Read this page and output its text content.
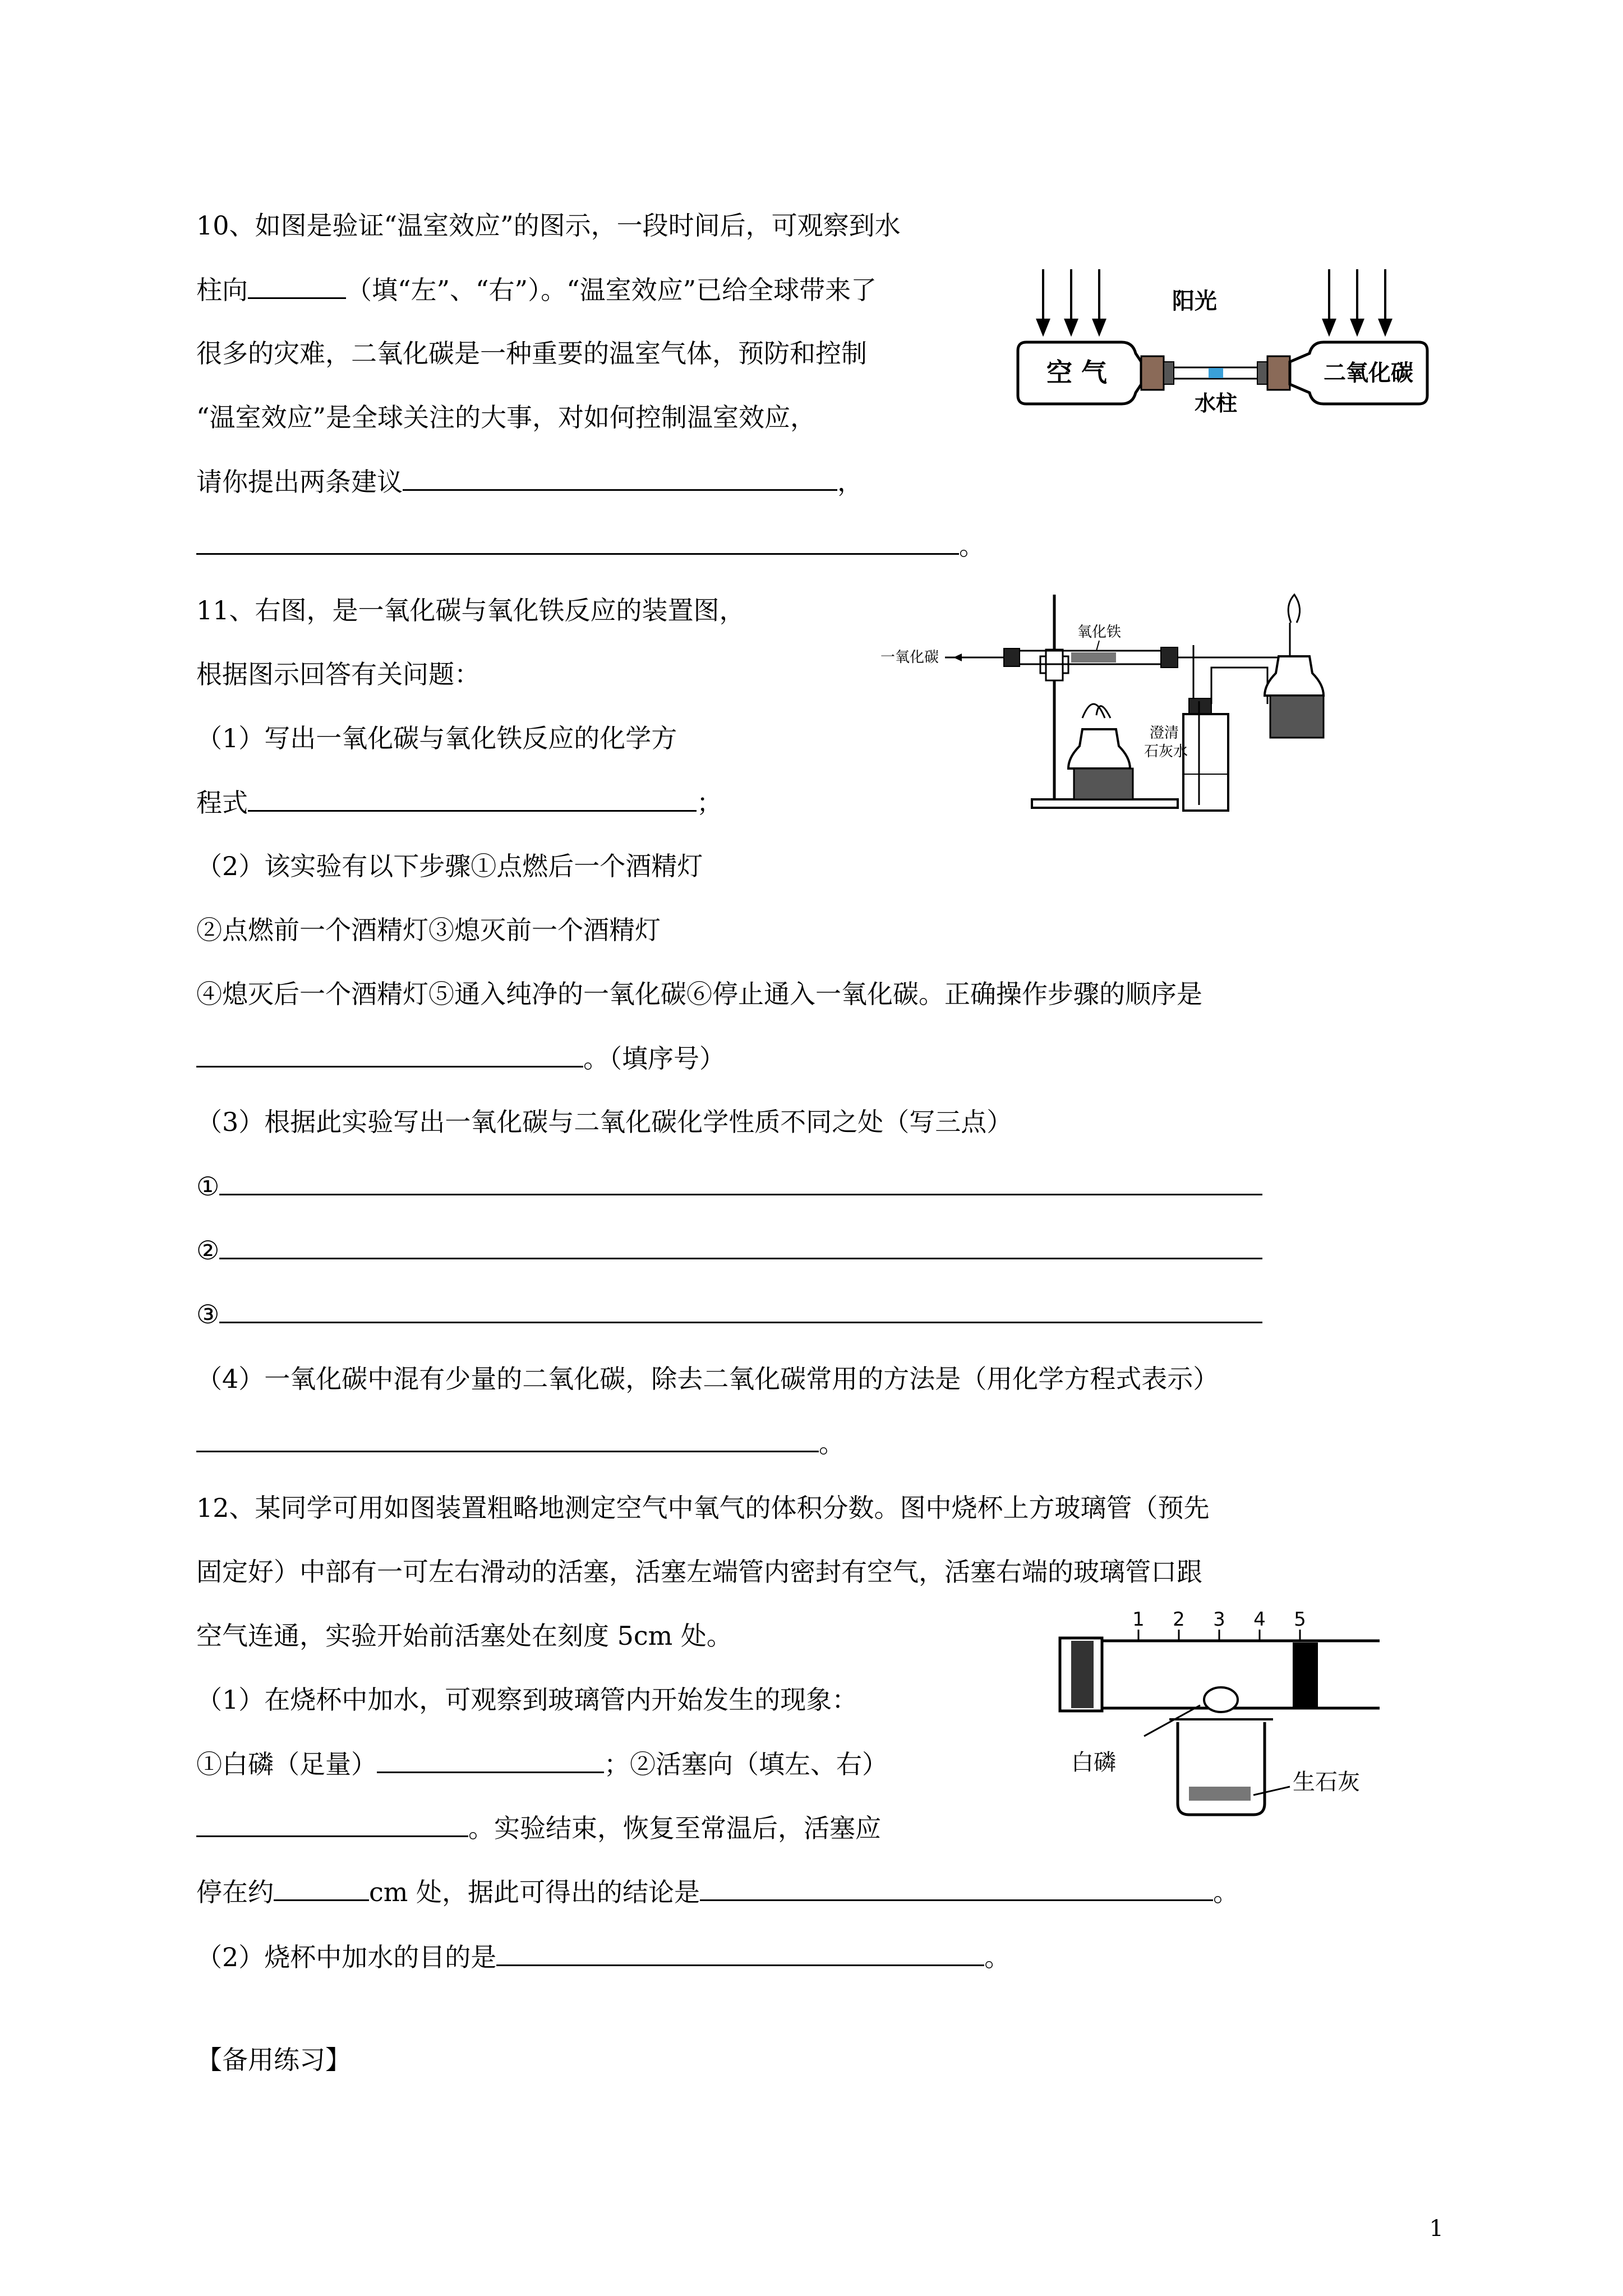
10、如图是验证“温室效应”的图示，一段时间后，可观察到水
柱向	（填“左”、“右”）。“温室效应”已给全球带来了
很多的灾难，二氧化碳是一种重要的温室气体，预防和控制
“温室效应”是全球关注的大事，对如何控制温室效应，
请你提出两条建议	，
。
阳光
空 气
水柱
二氧化碳
11、右图，是一氧化碳与氧化铁反应的装置图，
根据图示回答有关问题：
（1）写出一氧化碳与氧化铁反应的化学方
程式	；
（2）该实验有以下步骤①点燃后一个酒精灯
②点燃前一个酒精灯③熄灭前一个酒精灯
④熄灭后一个酒精灯⑤通入纯净的一氧化碳⑥停止通入一氧化碳。正确操作步骤的顺序是
。（填序号）
（3）根据此实验写出一氧化碳与二氧化碳化学性质不同之处（写三点）
①
②
③
（4）一氧化碳中混有少量的二氧化碳，除去二氧化碳常用的方法是（用化学方程式表示）
。
一氧化碳
氧化铁
澄清
石灰水
12、某同学可用如图装置粗略地测定空气中氧气的体积分数。图中烧杯上方玻璃管（预先
固定好）中部有一可左右滑动的活塞，活塞左端管内密封有空气，活塞右端的玻璃管口跟
空气连通，实验开始前活塞处在刻度 5cm 处。
（1）在烧杯中加水，可观察到玻璃管内开始发生的现象：
①白磷（足量）	；②活塞向（填左、右）
。实验结束，恢复至常温后，活塞应
停在约	cm 处，据此可得出的结论是	。
（2）烧杯中加水的目的是	。
1 2 3 4 5
白磷
生石灰
【备用练习】
1
